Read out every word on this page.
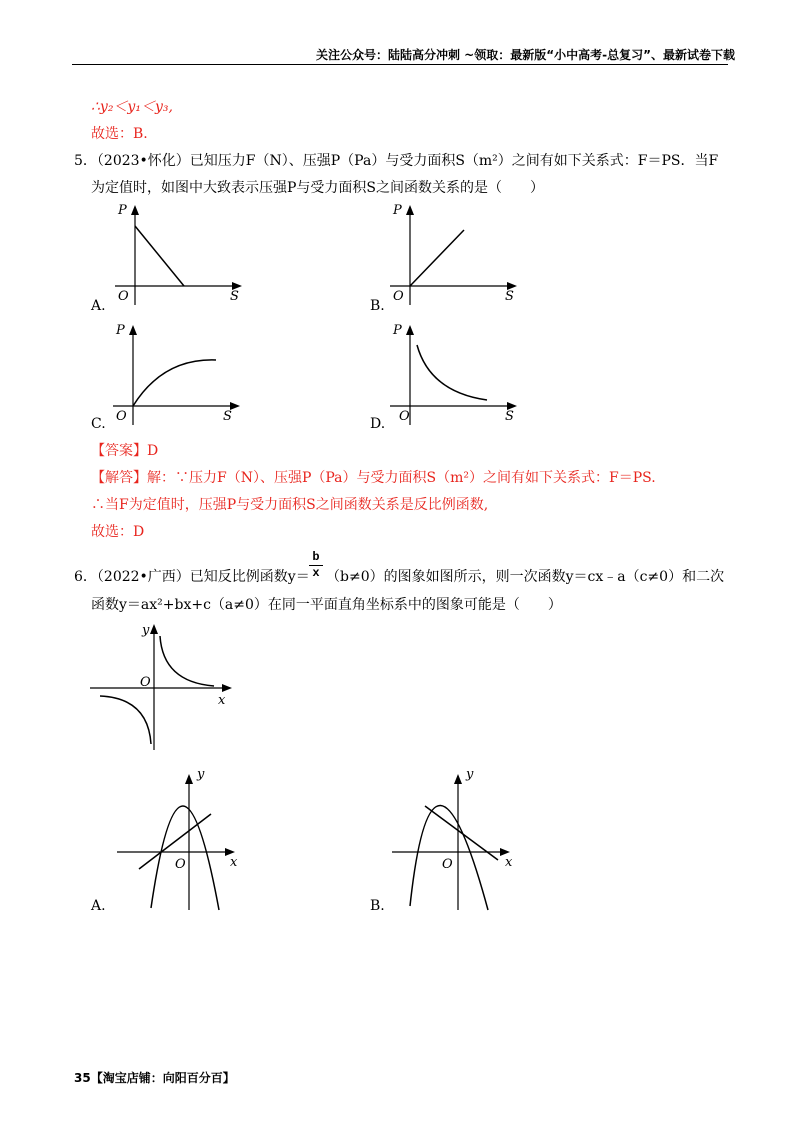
关注公众号：陆陆高分冲刺 ~领取：最新版“小中高考-总复习”、最新试卷下载
∴y₂＜y₁＜y₃,
故选：B.
5．（2023•怀化）已知压力F（N）、压强P（Pa）与受力面积S（m²）之间有如下关系式：F＝PS．当F
为定值时，如图中大致表示压强P与受力面积S之间函数关系的是（　　）
P
O	S
A.
P
O	S
B.
P
O	S
C.
P
O	S
D.
【答案】D
【解答】解：∵压力F（N）、压强P（Pa）与受力面积S（m²）之间有如下关系式：F＝PS.
∴当F为定值时，压强P与受力面积S之间函数关系是反比例函数,
故选：D
6．（2022•广西）已知反比例函数$y= \frac{b}{x} (b\ne 0)$的图象如图所示，则一次函数y＝cx﹣a（c≠0）和二次
函数y＝ax²+bx+c（a≠0）在同一平面直角坐标系中的图象可能是（　　）
y
O
x
y
O	x
A.
y
O	x
B.
35【淘宝店铺：向阳百分百】
